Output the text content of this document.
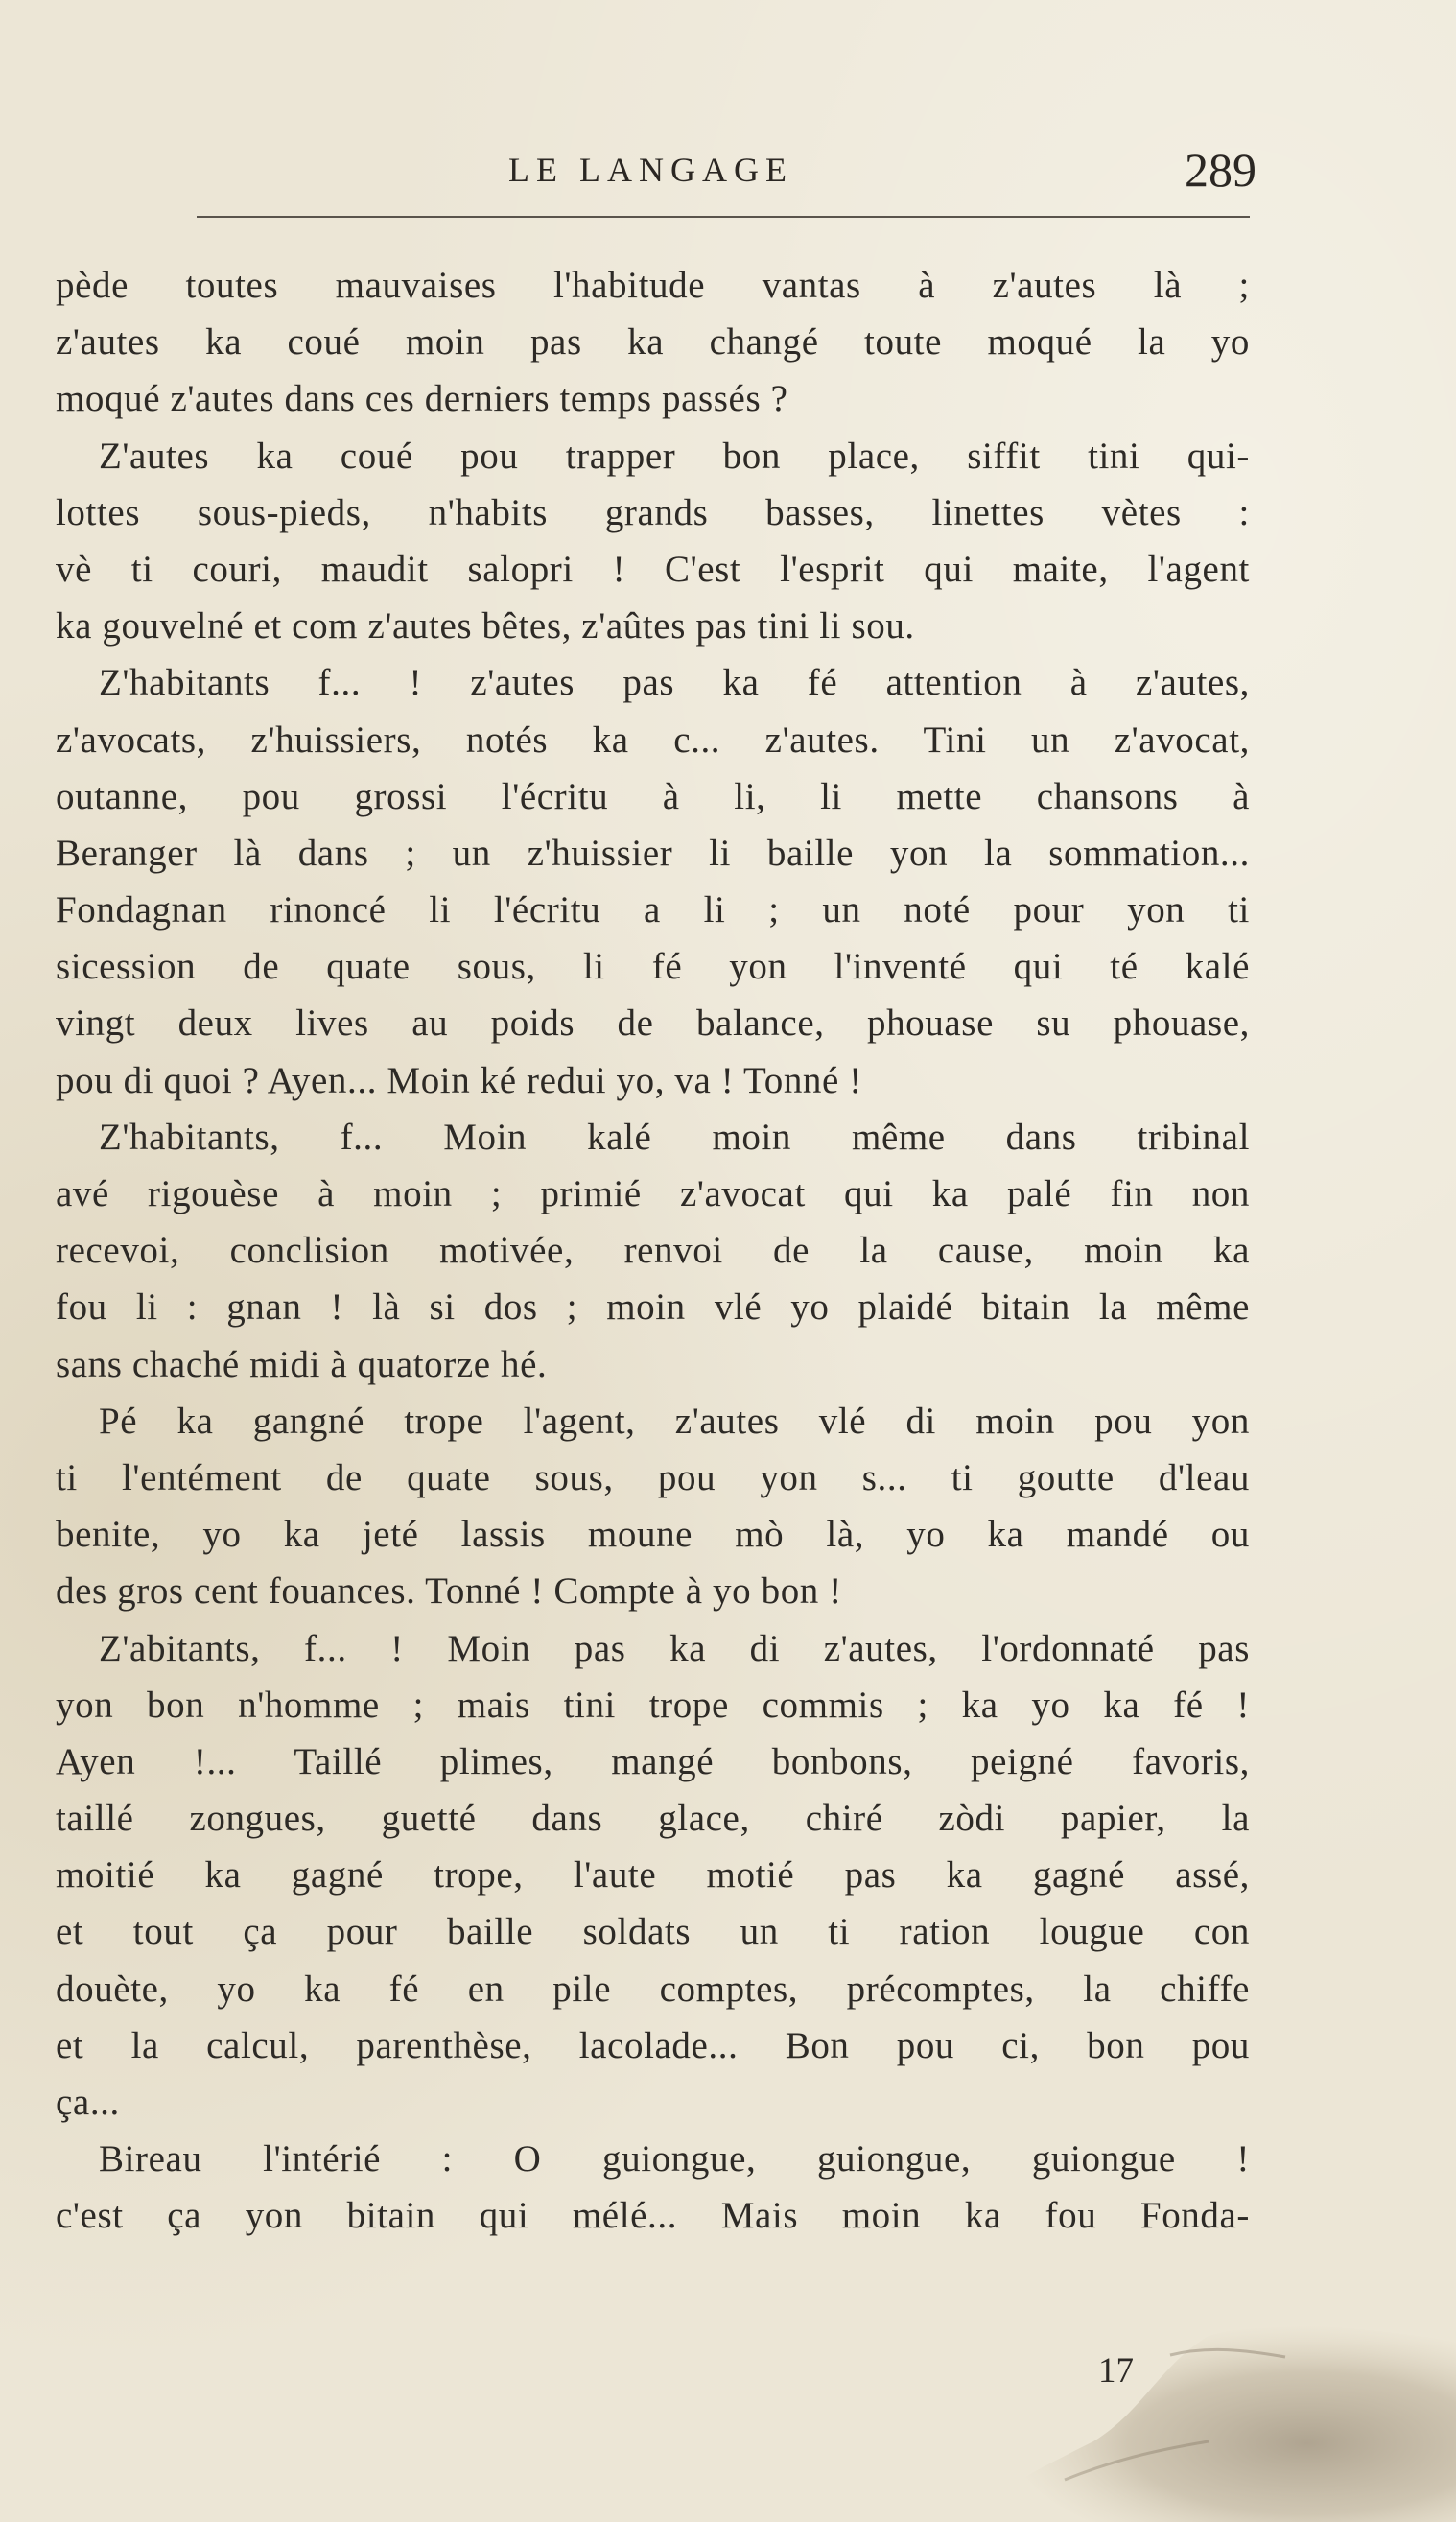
LE LANGAGE	289
pède toutes mauvaises l'habitude vantas à z'autes là ;
z'autes ka coué moin pas ka changé toute moqué la yo
moqué z'autes dans ces derniers temps passés ?
Z'autes ka coué pou trapper bon place, siffit tini qui-
lottes sous-pieds, n'habits grands basses, linettes vètes :
vè ti couri, maudit salopri ! C'est l'esprit qui maite, l'agent
ka gouvelné et com z'autes bêtes, z'aûtes pas tini li sou.
Z'habitants f... ! z'autes pas ka fé attention à z'autes,
z'avocats, z'huissiers, notés ka c... z'autes. Tini un z'avocat,
outanne, pou grossi l'écritu à li, li mette chansons à
Beranger là dans ; un z'huissier li baille yon la sommation...
Fondagnan rinoncé li l'écritu a li ; un noté pour yon ti
sicession de quate sous, li fé yon l'inventé qui té kalé
vingt deux lives au poids de balance, phouase su phouase,
pou di quoi ? Ayen... Moin ké redui yo, va ! Tonné !
Z'habitants, f... Moin kalé moin même dans tribinal
avé rigouèse à moin ; primié z'avocat qui ka palé fin non
recevoi, conclision motivée, renvoi de la cause, moin ka
fou li : gnan ! là si dos ; moin vlé yo plaidé bitain la même
sans chaché midi à quatorze hé.
Pé ka gangné trope l'agent, z'autes vlé di moin pou yon
ti l'entément de quate sous, pou yon s... ti goutte d'leau
benite, yo ka jeté lassis moune mò là, yo ka mandé ou
des gros cent fouances. Tonné ! Compte à yo bon !
Z'abitants, f... ! Moin pas ka di z'autes, l'ordonnaté pas
yon bon n'homme ; mais tini trope commis ; ka yo ka fé !
Ayen !... Taillé plimes, mangé bonbons, peigné favoris,
taillé zongues, guetté dans glace, chiré zòdi papier, la
moitié ka gagné trope, l'aute motié pas ka gagné assé,
et tout ça pour baille soldats un ti ration lougue con
douète, yo ka fé en pile comptes, précomptes, la chiffe
et la calcul, parenthèse, lacolade... Bon pou ci, bon pou
ça...
Bireau l'intérié : O guiongue, guiongue, guiongue !
c'est ça yon bitain qui mélé... Mais moin ka fou Fonda-
17
